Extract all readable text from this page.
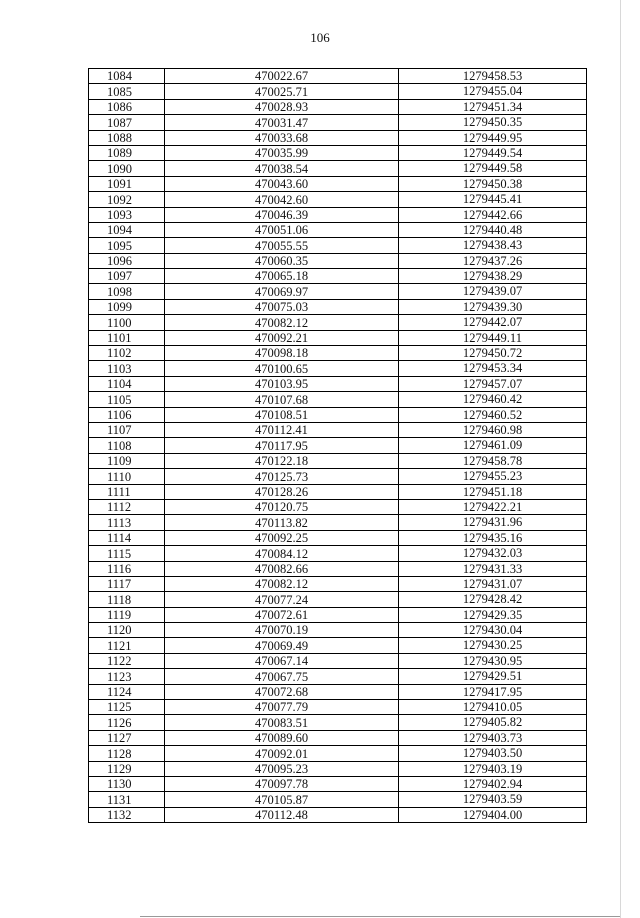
106
1084	470022.67	1279458.53
1085	470025.71	1279455.04
1086	470028.93	1279451.34
1087	470031.47	1279450.35
1088	470033.68	1279449.95
1089	470035.99	1279449.54
1090	470038.54	1279449.58
1091	470043.60	1279450.38
1092	470042.60	1279445.41
1093	470046.39	1279442.66
1094	470051.06	1279440.48
1095	470055.55	1279438.43
1096	470060.35	1279437.26
1097	470065.18	1279438.29
1098	470069.97	1279439.07
1099	470075.03	1279439.30
1100	470082.12	1279442.07
1101	470092.21	1279449.11
1102	470098.18	1279450.72
1103	470100.65	1279453.34
1104	470103.95	1279457.07
1105	470107.68	1279460.42
1106	470108.51	1279460.52
1107	470112.41	1279460.98
1108	470117.95	1279461.09
1109	470122.18	1279458.78
1110	470125.73	1279455.23
1111	470128.26	1279451.18
1112	470120.75	1279422.21
1113	470113.82	1279431.96
1114	470092.25	1279435.16
1115	470084.12	1279432.03
1116	470082.66	1279431.33
1117	470082.12	1279431.07
1118	470077.24	1279428.42
1119	470072.61	1279429.35
1120	470070.19	1279430.04
1121	470069.49	1279430.25
1122	470067.14	1279430.95
1123	470067.75	1279429.51
1124	470072.68	1279417.95
1125	470077.79	1279410.05
1126	470083.51	1279405.82
1127	470089.60	1279403.73
1128	470092.01	1279403.50
1129	470095.23	1279403.19
1130	470097.78	1279402.94
1131	470105.87	1279403.59
1132	470112.48	1279404.00
